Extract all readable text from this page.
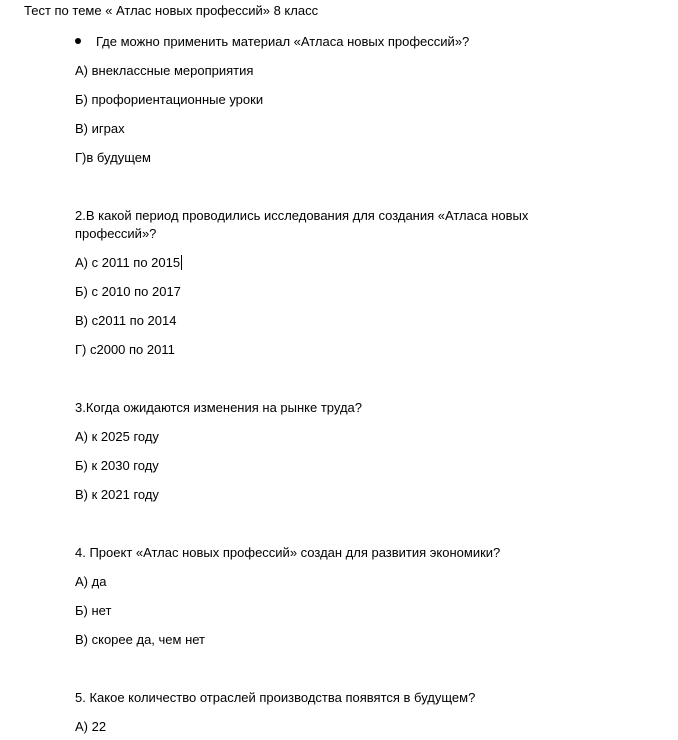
Тест по теме « Атлас новых профессий» 8 класс
Где можно применить материал «Атласа новых профессий»?
А) внеклассные мероприятия
Б) профориентационные уроки
В) играх
Г)в будущем
2.В какой период проводились исследования для создания «Атласа новых
профессий»?
А) с 2011 по 2015
Б) с 2010 по 2017
В) с2011 по 2014
Г) с2000 по 2011
3.Когда ожидаются изменения на рынке труда?
А) к 2025 году
Б) к 2030 году
В) к 2021 году
4. Проект «Атлас новых профессий» создан для развития экономики?
А) да
Б) нет
В) скорее да, чем нет
5. Какое количество отраслей производства появятся в будущем?
А) 22
